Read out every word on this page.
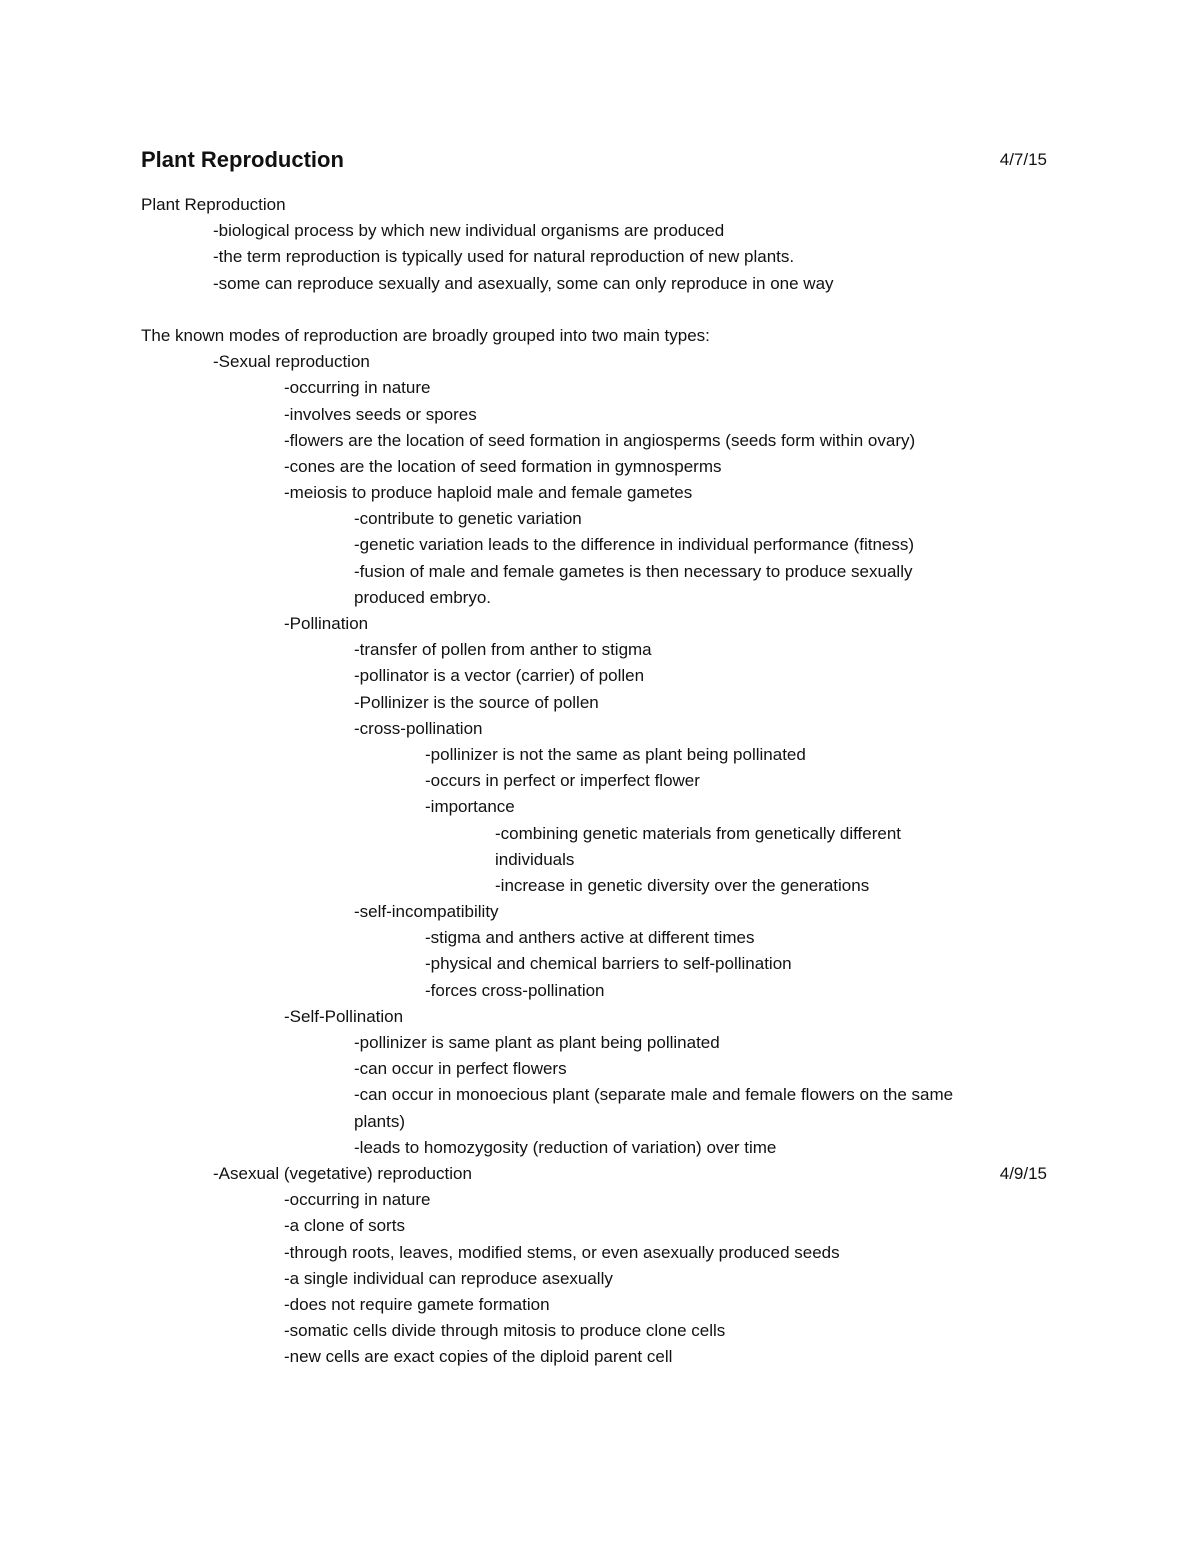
Plant Reproduction	4/7/15
Plant Reproduction
-biological process by which new individual organisms are produced
-the term reproduction is typically used for natural reproduction of new plants.
-some can reproduce sexually and asexually, some can only reproduce in one way
The known modes of reproduction are broadly grouped into two main types:
-Sexual reproduction
-occurring in nature
-involves seeds or spores
-flowers are the location of seed formation in angiosperms (seeds form within ovary)
-cones are the location of seed formation in gymnosperms
-meiosis to produce haploid male and female gametes
-contribute to genetic variation
-genetic variation leads to the difference in individual performance (fitness)
-fusion of male and female gametes is then necessary to produce sexually
produced embryo.
-Pollination
-transfer of pollen from anther to stigma
-pollinator is a vector (carrier) of pollen
-Pollinizer is the source of pollen
-cross-pollination
-pollinizer is not the same as plant being pollinated
-occurs in perfect or imperfect flower
-importance
-combining genetic materials from genetically different
individuals
-increase in genetic diversity over the generations
-self-incompatibility
-stigma and anthers active at different times
-physical and chemical barriers to self-pollination
-forces cross-pollination
-Self-Pollination
-pollinizer is same plant as plant being pollinated
-can occur in perfect flowers
-can occur in monoecious plant (separate male and female flowers on the same
plants)
-leads to homozygosity (reduction of variation) over time
-Asexual (vegetative) reproduction	4/9/15
-occurring in nature
-a clone of sorts
-through roots, leaves, modified stems, or even asexually produced seeds
-a single individual can reproduce asexually
-does not require gamete formation
-somatic cells divide through mitosis to produce clone cells
-new cells are exact copies of the diploid parent cell
